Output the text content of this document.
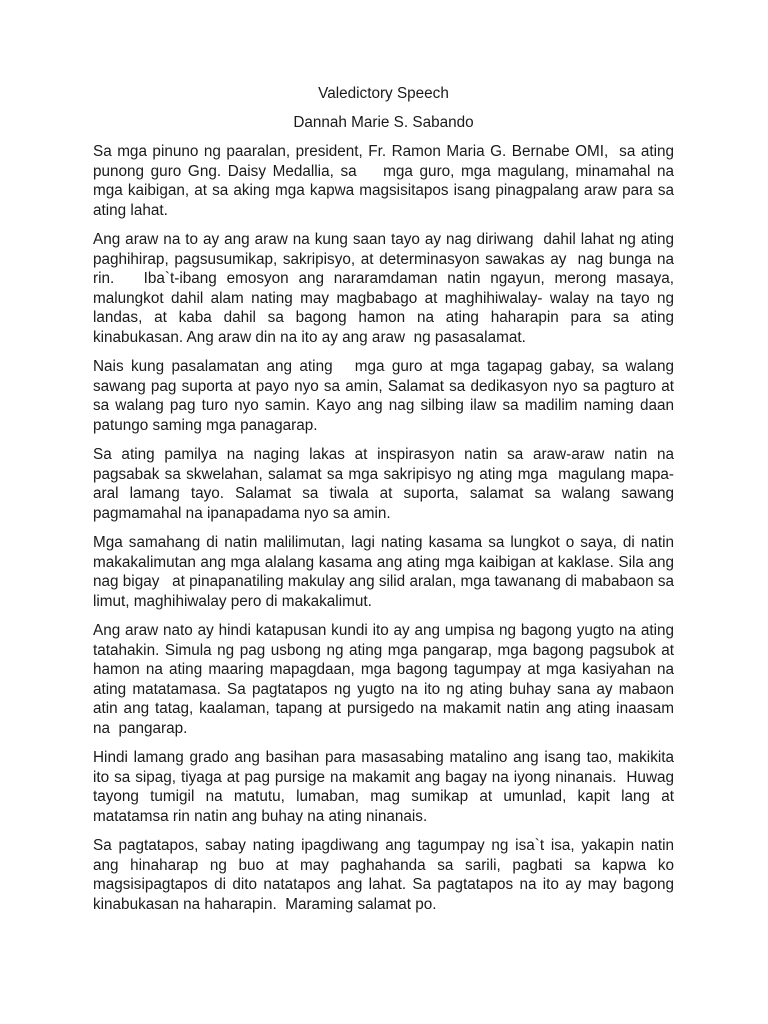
Valedictory Speech

Dannah Marie S. Sabando

Sa mga pinuno ng paaralan, president, Fr. Ramon Maria G. Bernabe OMI,  sa ating punong guro Gng. Daisy Medallia, sa    mga guro, mga magulang, minamahal na mga kaibigan, at sa aking mga kapwa magsisitapos isang pinagpalang araw para sa ating lahat.

Ang araw na to ay ang araw na kung saan tayo ay nag diriwang  dahil lahat ng ating paghihirap, pagsusumikap, sakripisyo, at determinasyon sawakas ay  nag bunga na rin.   Iba`t-ibang emosyon ang nararamdaman natin ngayun, merong masaya, malungkot dahil alam nating may magbabago at maghihiwalay- walay na tayo ng landas, at kaba dahil sa bagong hamon na ating haharapin para sa ating kinabukasan. Ang araw din na ito ay ang araw  ng pasasalamat.

Nais kung pasalamatan ang ating   mga guro at mga tagapag gabay, sa walang sawang pag suporta at payo nyo sa amin, Salamat sa dedikasyon nyo sa pagturo at sa walang pag turo nyo samin. Kayo ang nag silbing ilaw sa madilim naming daan patungo saming mga panagarap.

Sa ating pamilya na naging lakas at inspirasyon natin sa araw-araw natin na pagsabak sa skwelahan, salamat sa mga sakripisyo ng ating mga  magulang mapa-aral lamang tayo. Salamat sa tiwala at suporta, salamat sa walang sawang pagmamahal na ipanapadama nyo sa amin.

Mga samahang di natin malilimutan, lagi nating kasama sa lungkot o saya, di natin makakalimutan ang mga alalang kasama ang ating mga kaibigan at kaklase. Sila ang nag bigay   at pinapanatiling makulay ang silid aralan, mga tawanang di mababaon sa limut, maghihiwalay pero di makakalimut.

Ang araw nato ay hindi katapusan kundi ito ay ang umpisa ng bagong yugto na ating tatahakin. Simula ng pag usbong ng ating mga pangarap, mga bagong pagsubok at hamon na ating maaring mapagdaan, mga bagong tagumpay at mga kasiyahan na ating matatamasa. Sa pagtatapos ng yugto na ito ng ating buhay sana ay mabaon atin ang tatag, kaalaman, tapang at pursigedo na makamit natin ang ating inaasam na  pangarap.

Hindi lamang grado ang basihan para masasabing matalino ang isang tao, makikita ito sa sipag, tiyaga at pag pursige na makamit ang bagay na iyong ninanais.  Huwag tayong tumigil na matutu, lumaban, mag sumikap at umunlad, kapit lang at matatamsa rin natin ang buhay na ating ninanais.

Sa pagtatapos, sabay nating ipagdiwang ang tagumpay ng isa`t isa, yakapin natin ang hinaharap ng buo at may paghahanda sa sarili, pagbati sa kapwa ko magsisipagtapos di dito natatapos ang lahat. Sa pagtatapos na ito ay may bagong kinabukasan na haharapin.  Maraming salamat po.
